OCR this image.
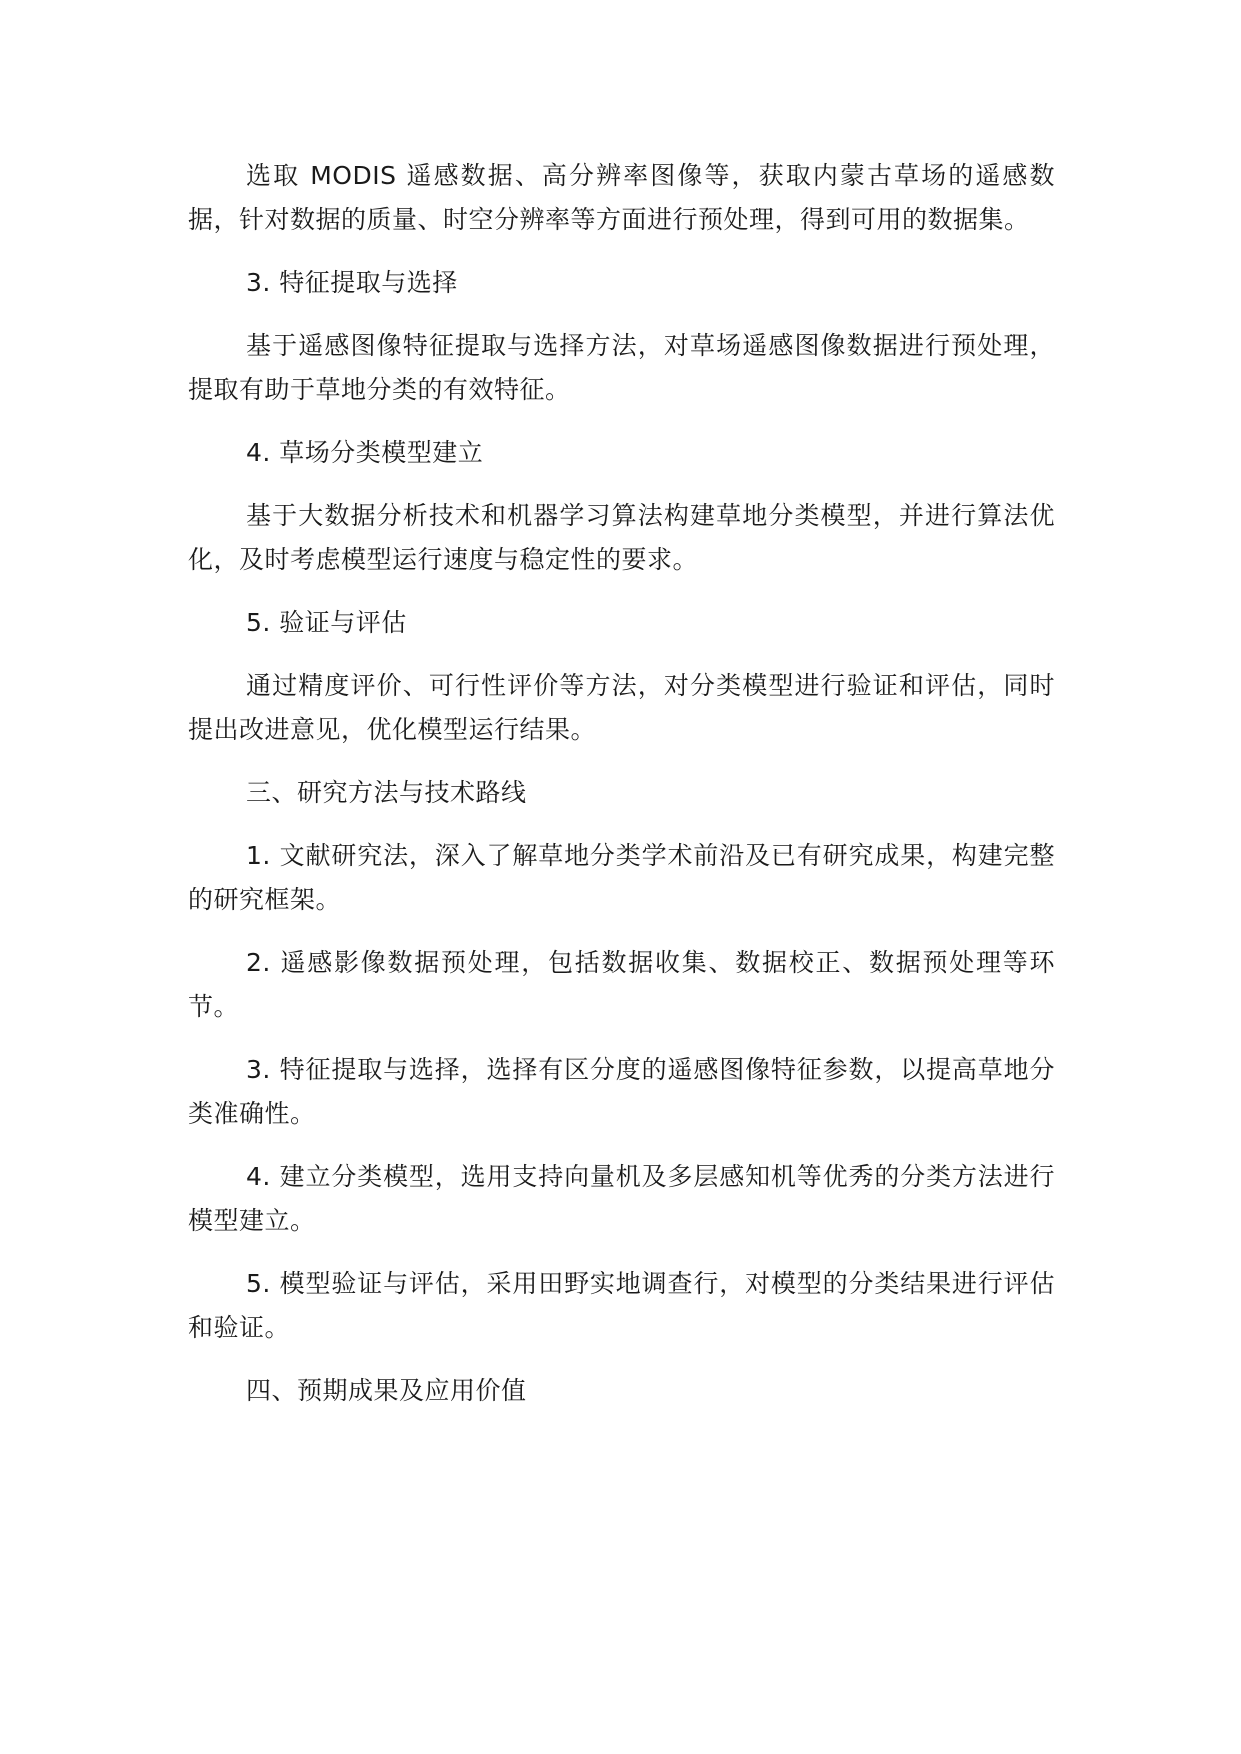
选取 MODIS 遥感数据、高分辨率图像等，获取内蒙古草场的遥感数据，针对数据的质量、时空分辨率等方面进行预处理，得到可用的数据集。

3. 特征提取与选择

基于遥感图像特征提取与选择方法，对草场遥感图像数据进行预处理，提取有助于草地分类的有效特征。

4. 草场分类模型建立

基于大数据分析技术和机器学习算法构建草地分类模型，并进行算法优化，及时考虑模型运行速度与稳定性的要求。

5. 验证与评估

通过精度评价、可行性评价等方法，对分类模型进行验证和评估，同时提出改进意见，优化模型运行结果。

三、研究方法与技术路线

1. 文献研究法，深入了解草地分类学术前沿及已有研究成果，构建完整的研究框架。

2. 遥感影像数据预处理，包括数据收集、数据校正、数据预处理等环节。

3. 特征提取与选择，选择有区分度的遥感图像特征参数，以提高草地分类准确性。

4. 建立分类模型，选用支持向量机及多层感知机等优秀的分类方法进行模型建立。

5. 模型验证与评估，采用田野实地调查行，对模型的分类结果进行评估和验证。

四、预期成果及应用价值
